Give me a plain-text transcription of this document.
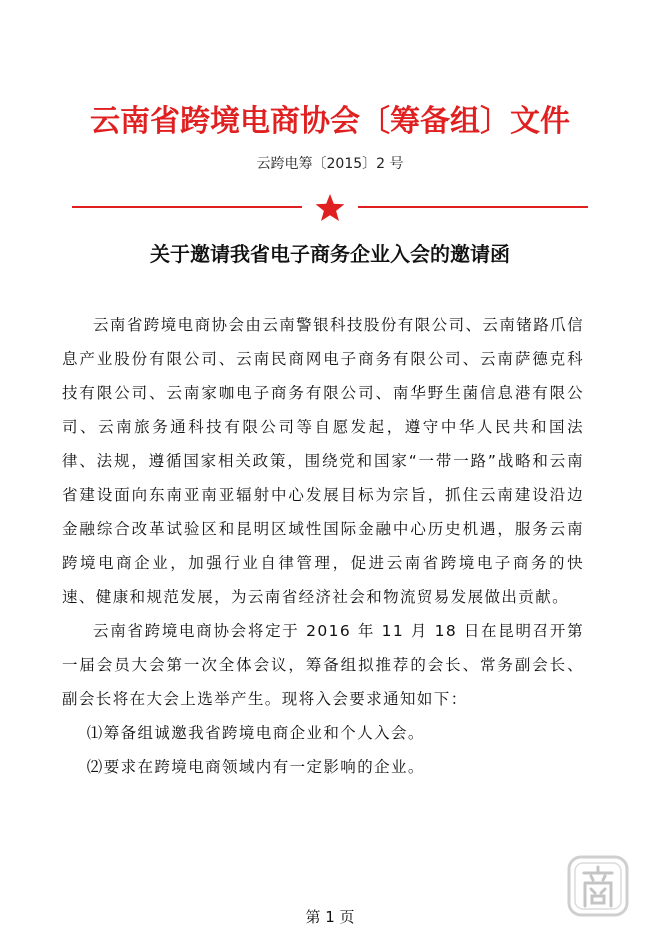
云南省跨境电商协会〔筹备组〕文件
云跨电筹〔2015〕2 号
关于邀请我省电子商务企业入会的邀请函

云南省跨境电商协会由云南警银科技股份有限公司、云南锗路爪信息产业股份有限公司、云南民商网电子商务有限公司、云南萨德克科技有限公司、云南家咖电子商务有限公司、南华野生菌信息港有限公司、云南旅务通科技有限公司等自愿发起，遵守中华人民共和国法律、法规，遵循国家相关政策，围绕党和国家“一带一路”战略和云南省建设面向东南亚南亚辐射中心发展目标为宗旨，抓住云南建设沿边金融综合改革试验区和昆明区域性国际金融中心历史机遇，服务云南跨境电商企业，加强行业自律管理，促进云南省跨境电子商务的快速、健康和规范发展，为云南省经济社会和物流贸易发展做出贡献。

云南省跨境电商协会将定于 2016 年 11 月 18 日在昆明召开第一届会员大会第一次全体会议，筹备组拟推荐的会长、常务副会长、副会长将在大会上选举产生。现将入会要求通知如下：

⑴筹备组诚邀我省跨境电商企业和个人入会。

⑵要求在跨境电商领域内有一定影响的企业。

第 1 页
